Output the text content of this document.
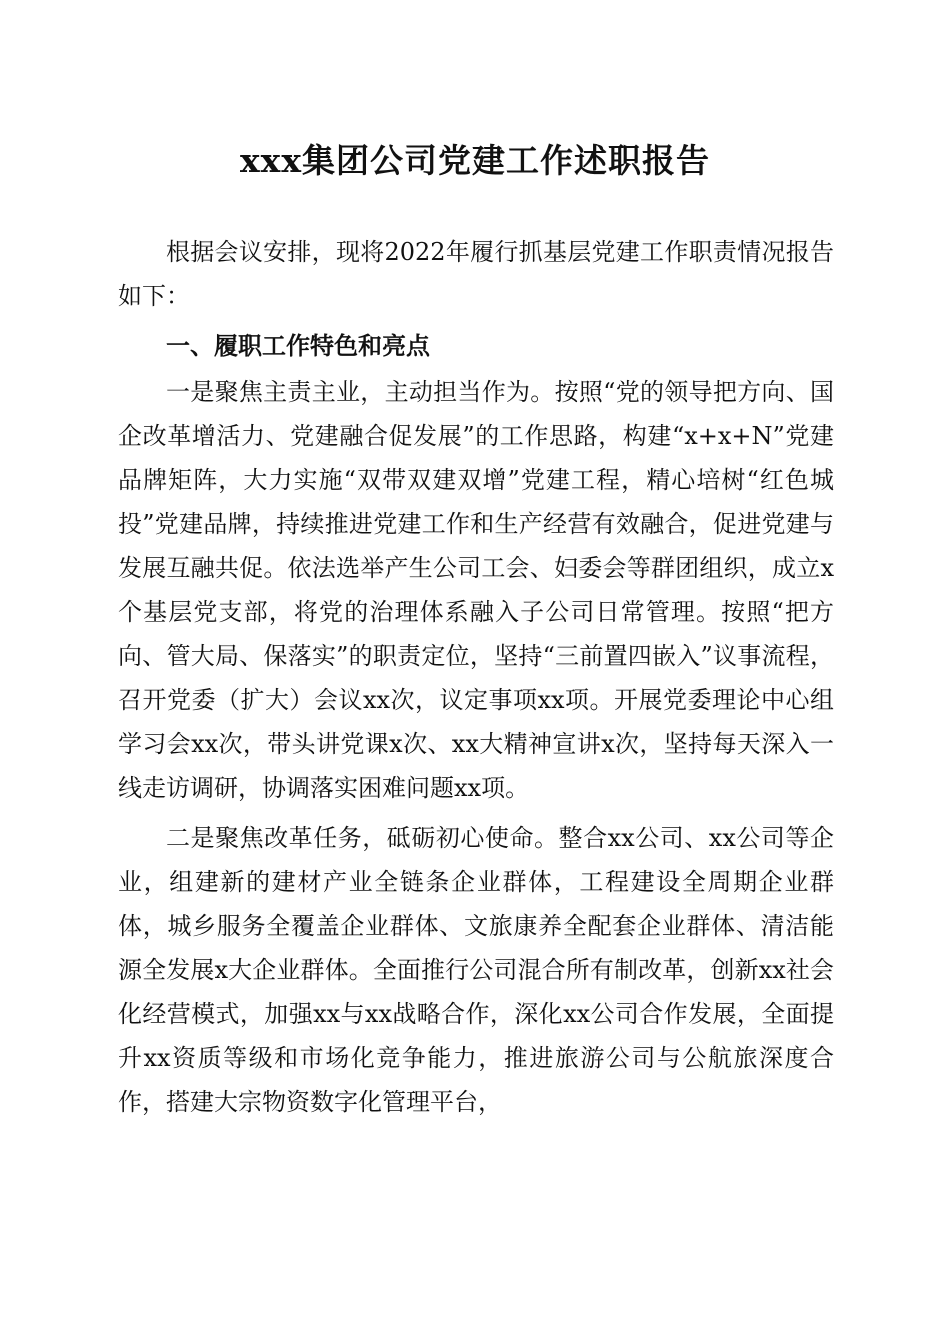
xxx集团公司党建工作述职报告

根据会议安排，现将2022年履行抓基层党建工作职责情况报告如下：

一、履职工作特色和亮点

一是聚焦主责主业，主动担当作为。按照“党的领导把方向、国企改革增活力、党建融合促发展”的工作思路，构建“x+x+N”党建品牌矩阵，大力实施“双带双建双增”党建工程，精心培树“红色城投”党建品牌，持续推进党建工作和生产经营有效融合，促进党建与发展互融共促。依法选举产生公司工会、妇委会等群团组织，成立x个基层党支部，将党的治理体系融入子公司日常管理。按照“把方向、管大局、保落实”的职责定位，坚持“三前置四嵌入”议事流程，召开党委（扩大）会议xx次，议定事项xx项。开展党委理论中心组学习会xx次，带头讲党课x次、xx大精神宣讲x次，坚持每天深入一线走访调研，协调落实困难问题xx项。

二是聚焦改革任务，砥砺初心使命。整合xx公司、xx公司等企业，组建新的建材产业全链条企业群体，工程建设全周期企业群体，城乡服务全覆盖企业群体、文旅康养全配套企业群体、清洁能源全发展x大企业群体。全面推行公司混合所有制改革，创新xx社会化经营模式，加强xx与xx战略合作，深化xx公司合作发展，全面提升xx资质等级和市场化竞争能力，推进旅游公司与公航旅深度合作，搭建大宗物资数字化管理平台，
